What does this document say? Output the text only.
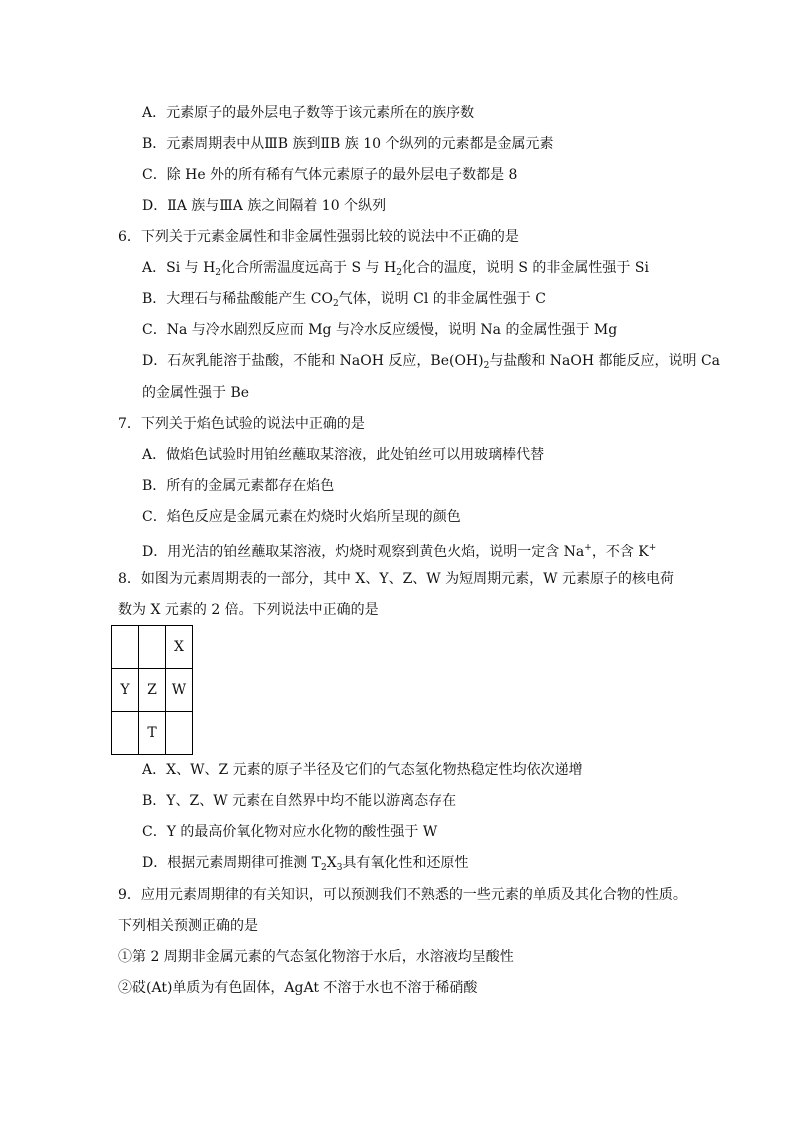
A．元素原子的最外层电子数等于该元素所在的族序数
B．元素周期表中从ⅢB 族到ⅡB 族 10 个纵列的元素都是金属元素
C．除 He 外的所有稀有气体元素原子的最外层电子数都是 8
D．ⅡA 族与ⅢA 族之间隔着 10 个纵列
6．下列关于元素金属性和非金属性强弱比较的说法中不正确的是
A．Si 与 $H_2$化合所需温度远高于 S 与 $H_2$化合的温度，说明 S 的非金属性强于 Si
B．大理石与稀盐酸能产生 $CO_2$气体，说明 Cl 的非金属性强于 C
C．Na 与冷水剧烈反应而 Mg 与冷水反应缓慢，说明 Na 的金属性强于 Mg
D．石灰乳能溶于盐酸，不能和 NaOH 反应，$Be(OH)_2$与盐酸和 NaOH 都能反应，说明 Ca
的金属性强于 Be
7．下列关于焰色试验的说法中正确的是
A．做焰色试验时用铂丝蘸取某溶液，此处铂丝可以用玻璃棒代替
B．所有的金属元素都存在焰色
C．焰色反应是金属元素在灼烧时火焰所呈现的颜色
D．用光洁的铂丝蘸取某溶液，灼烧时观察到黄色火焰，说明一定含 Na+，不含 K+
8．如图为元素周期表的一部分，其中 X、Y、Z、W 为短周期元素，W 元素原子的核电荷
数为 X 元素的 2 倍。下列说法中正确的是
		X
Y	Z	W
	T	
A．X、W、Z 元素的原子半径及它们的气态氢化物热稳定性均依次递增
B．Y、Z、W 元素在自然界中均不能以游离态存在
C．Y 的最高价氧化物对应水化物的酸性强于 W
D．根据元素周期律可推测 $T_2X_3$具有氧化性和还原性
9．应用元素周期律的有关知识，可以预测我们不熟悉的一些元素的单质及其化合物的性质。
下列相关预测正确的是
①第 2 周期非金属元素的气态氢化物溶于水后，水溶液均呈酸性
②砹(At)单质为有色固体，AgAt 不溶于水也不溶于稀硝酸
